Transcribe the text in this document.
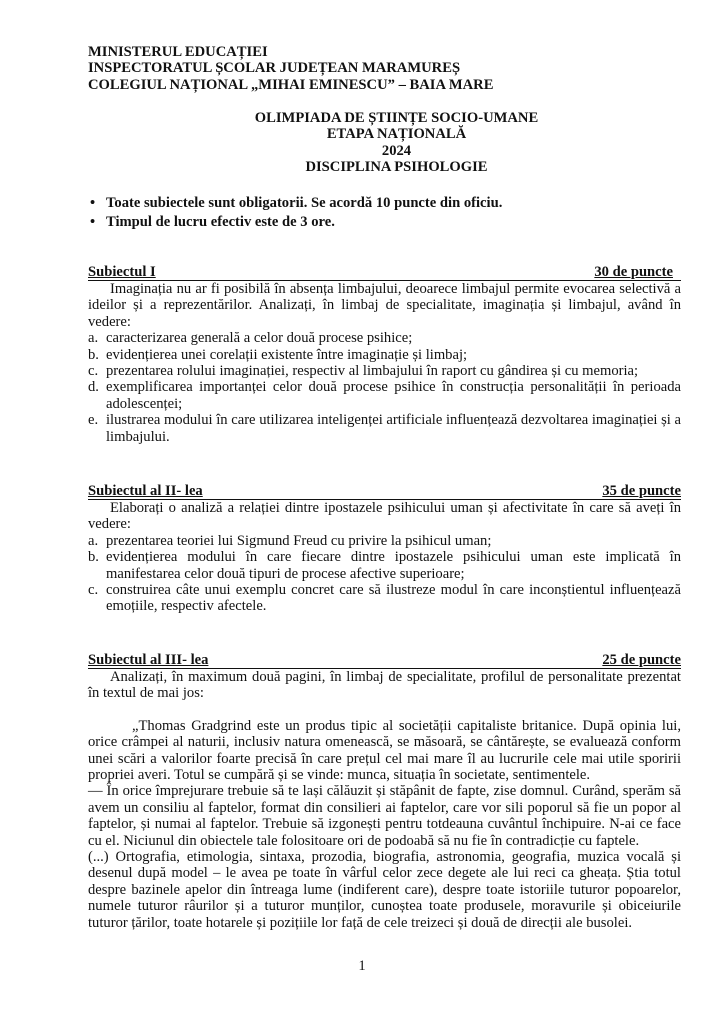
MINISTERUL EDUCAȚIEI
INSPECTORATUL ȘCOLAR JUDEȚEAN MARAMUREȘ
COLEGIUL NAȚIONAL „MIHAI EMINESCU” – BAIA MARE
OLIMPIADA DE ȘTIINȚE SOCIO-UMANE
ETAPA NAȚIONALĂ
2024
DISCIPLINA PSIHOLOGIE
• Toate subiectele sunt obligatorii. Se acordă 10 puncte din oficiu.
• Timpul de lucru efectiv este de 3 ore.
Subiectul I	30 de puncte
Imaginația nu ar fi posibilă în absența limbajului, deoarece limbajul permite evocarea selectivă a ideilor și a reprezentărilor. Analizați, în limbaj de specialitate, imaginația și limbajul, având în vedere:
a. caracterizarea generală a celor două procese psihice;
b. evidențierea unei corelații existente între imaginație și limbaj;
c. prezentarea rolului imaginației, respectiv al limbajului în raport cu gândirea și cu memoria;
d. exemplificarea importanței celor două procese psihice în construcția personalității în perioada adolescenței;
e. ilustrarea modului în care utilizarea inteligenței artificiale influențează dezvoltarea imaginației și a limbajului.
Subiectul al II- lea	35 de puncte
Elaborați o analiză a relației dintre ipostazele psihicului uman și afectivitate în care să aveți în vedere:
a. prezentarea teoriei lui Sigmund Freud cu privire la psihicul uman;
b. evidențierea modului în care fiecare dintre ipostazele psihicului uman este implicată în manifestarea celor două tipuri de procese afective superioare;
c. construirea câte unui exemplu concret care să ilustreze modul în care inconștientul influențează emoțiile, respectiv afectele.
Subiectul al III- lea	25 de puncte
Analizați, în maximum două pagini, în limbaj de specialitate, profilul de personalitate prezentat în textul de mai jos:

„Thomas Gradgrind este un produs tipic al societății capitaliste britanice. După opinia lui, orice crâmpei al naturii, inclusiv natura omenească, se măsoară, se cântărește, se evaluează conform unei scări a valorilor foarte precisă în care prețul cel mai mare îl au lucrurile cele mai utile sporirii propriei averi. Totul se cumpără și se vinde: munca, situația în societate, sentimentele.

— În orice împrejurare trebuie să te lași călăuzit și stăpânit de fapte, zise domnul. Curând, sperăm să avem un consiliu al faptelor, format din consilieri ai faptelor, care vor sili poporul să fie un popor al faptelor, și numai al faptelor. Trebuie să izgonești pentru totdeauna cuvântul închipuire. N-ai ce face cu el. Niciunul din obiectele tale folositoare ori de podoabă să nu fie în contradicție cu faptele.

(...) Ortografia, etimologia, sintaxa, prozodia, biografia, astronomia, geografia, muzica vocală și desenul după model – le avea pe toate în vârful celor zece degete ale lui reci ca gheața. Știa totul despre bazinele apelor din întreaga lume (indiferent care), despre toate istoriile tuturor popoarelor, numele tuturor râurilor și a tuturor munților, cunoștea toate produsele, moravurile și obiceiurile tuturor țărilor, toate hotarele și pozițiile lor față de cele treizeci și două de direcții ale busolei.

1
